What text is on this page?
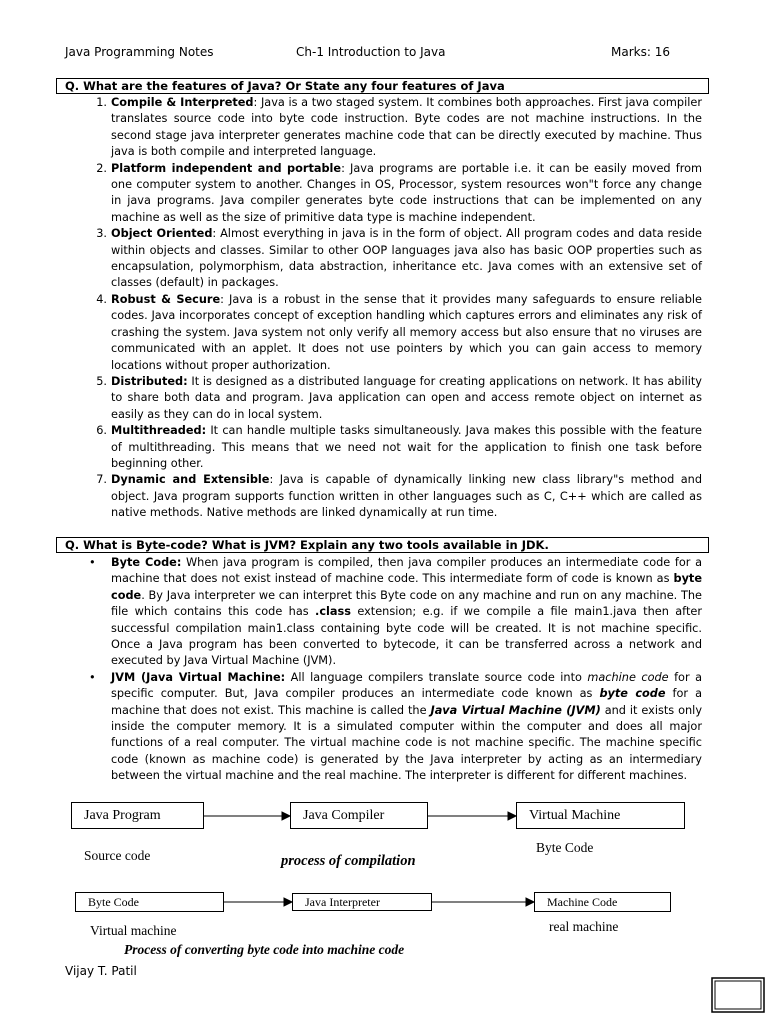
Java Programming Notes	Ch-1 Introduction to Java	Marks: 16
Q. What are the features of Java? Or State any four features of Java
1. Compile & Interpreted: Java is a two staged system. It combines both approaches. First java compiler translates source code into byte code instruction. Byte codes are not machine instructions. In the second stage java interpreter generates machine code that can be directly executed by machine. Thus java is both compile and interpreted language.
2. Platform independent and portable: Java programs are portable i.e. it can be easily moved from one computer system to another. Changes in OS, Processor, system resources won"t force any change in java programs. Java compiler generates byte code instructions that can be implemented on any machine as well as the size of primitive data type is machine independent.
3. Object Oriented: Almost everything in java is in the form of object. All program codes and data reside within objects and classes. Similar to other OOP languages java also has basic OOP properties such as encapsulation, polymorphism, data abstraction, inheritance etc. Java comes with an extensive set of classes (default) in packages.
4. Robust & Secure: Java is a robust in the sense that it provides many safeguards to ensure reliable codes. Java incorporates concept of exception handling which captures errors and eliminates any risk of crashing the system. Java system not only verify all memory access but also ensure that no viruses are communicated with an applet. It does not use pointers by which you can gain access to memory locations without proper authorization.
5. Distributed: It is designed as a distributed language for creating applications on network. It has ability to share both data and program. Java application can open and access remote object on internet as easily as they can do in local system.
6. Multithreaded: It can handle multiple tasks simultaneously. Java makes this possible with the feature of multithreading. This means that we need not wait for the application to finish one task before beginning other.
7. Dynamic and Extensible: Java is capable of dynamically linking new class library"s method and object. Java program supports function written in other languages such as C, C++ which are called as native methods. Native methods are linked dynamically at run time.
Q. What is Byte-code? What is JVM? Explain any two tools available in JDK.
• Byte Code: When java program is compiled, then java compiler produces an intermediate code for a machine that does not exist instead of machine code. This intermediate form of code is known as byte code. By Java interpreter we can interpret this Byte code on any machine and run on any machine. The file which contains this code has .class extension; e.g. if we compile a file main1.java then after successful compilation main1.class containing byte code will be created. It is not machine specific. Once a Java program has been converted to bytecode, it can be transferred across a network and executed by Java Virtual Machine (JVM).
• JVM (Java Virtual Machine: All language compilers translate source code into machine code for a specific computer. But, Java compiler produces an intermediate code known as byte code for a machine that does not exist. This machine is called the Java Virtual Machine (JVM) and it exists only inside the computer memory. It is a simulated computer within the computer and does all major functions of a real computer. The virtual machine code is not machine specific. The machine specific code (known as machine code) is generated by the Java interpreter by acting as an intermediary between the virtual machine and the real machine. The interpreter is different for different machines.
Java Program	Java Compiler	Virtual Machine
Source code
Byte Code
process of compilation
Byte Code	Java Interpreter	Machine Code
Virtual machine	real machine
Process of converting byte code into machine code
Vijay T. Patil
